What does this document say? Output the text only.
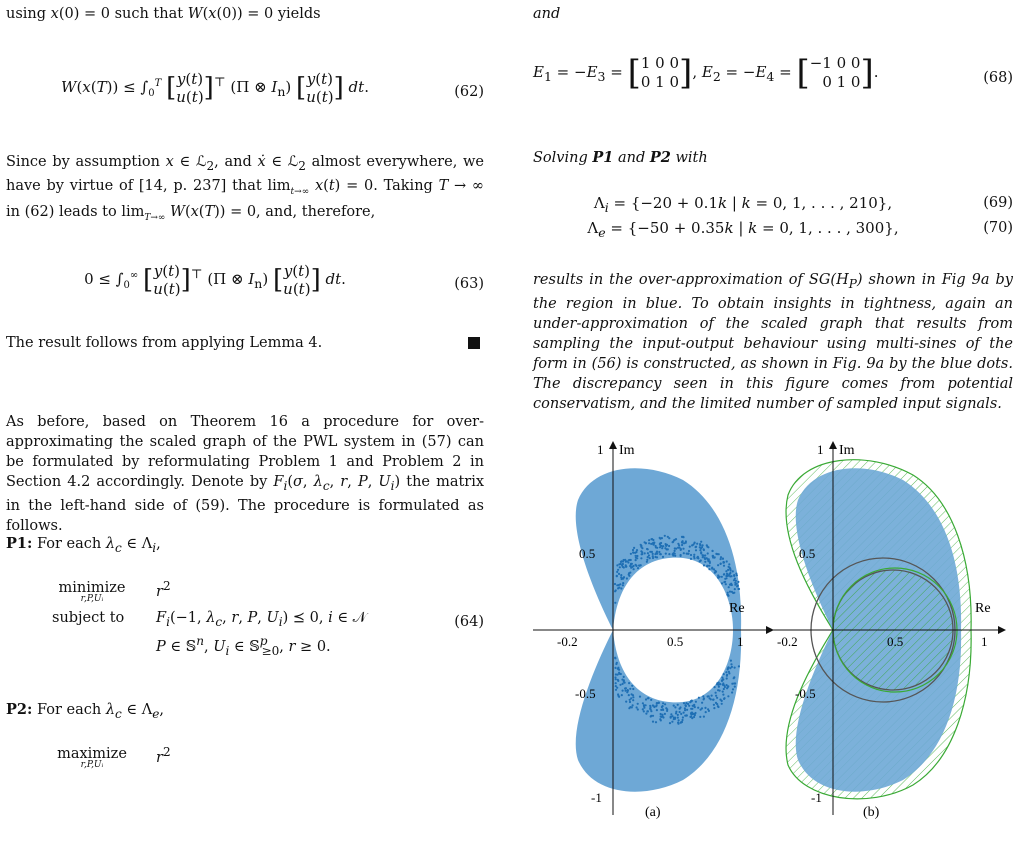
using x(0) = 0 such that W(x(0)) = 0 yields
$W(x(T)) \le \int_0^T$ [y(t)
u(t)]⊤ (Π ⊗ $I_n$) [y(t)
u(t)] dt.	(62)
Since by assumption x ∈ ℒ$_2$, and ẋ ∈ ℒ$_2$ almost everywhere, we have by virtue of [14, p. 237] that $\lim_{t\to\infty} x(t) = 0$. Taking T → ∞ in (62) leads to $\lim_{T\to\infty} W(x(T)) = 0$, and, therefore,
$0 \le \int_0^\infty$ [y(t)
u(t)]⊤ (Π ⊗ $I_n$) [y(t)
u(t)] dt.	(63)
The result follows from applying Lemma 4.
As before, based on Theorem 16 a procedure for over-approximating the scaled graph of the PWL system in (57) can be formulated by reformulating Problem 1 and Problem 2 in Section 4.2 accordingly. Denote by $F_i(\sigma$, $\lambda_c$, r, P, $U_i$) the matrix in the left-hand side of (59). The procedure is formulated as follows.
P1: For each $\lambda_c$ ∈ $\Lambda_i$,
minimize
r,P,Uᵢ	$r^2$
subject to	$F_i(-1$, $\lambda_c$, r, P, $U_i$) ⪯ 0, i ∈ 𝒩
P ∈ 𝕊$^n$, $U_i$ ∈ 𝕊$^p_{\ge 0}$, r ≥ 0.
(64)
P2: For each $\lambda_c$ ∈ $\Lambda_e$,
maximize
r,P,Uᵢ	$r^2$
and
$E_1 = -E_3 = [1$ 0 0
0 1 0], $E_2 = -E_4 = [-1$ 0 0
0 1 0].	(68)
Solving P1 and P2 with
$\Lambda_i = \{-20 + 0.1k$ | k = 0, 1, . . . , 210},	(69)
$\Lambda_e = \{-50 + 0.35k$ | k = 0, 1, . . . , 300},	(70)
results in the over-approximation of $SG(H_P)$ shown in Fig 9a by the region in blue. To obtain insights in tightness, again an under-approximation of the scaled graph that results from sampling the input-output behaviour using multi-sines of the form in (56) is constructed, as shown in Fig. 9a by the blue dots. The discrepancy seen in this figure comes from potential conservatism, and the limited number of sampled input signals.
Im
Re
1
0.5
-0.5
-1
-0.2	0.5	1
(a)
Im
Re
1
0.5
-0.5
-1
-0.2	0.5	1
(b)
